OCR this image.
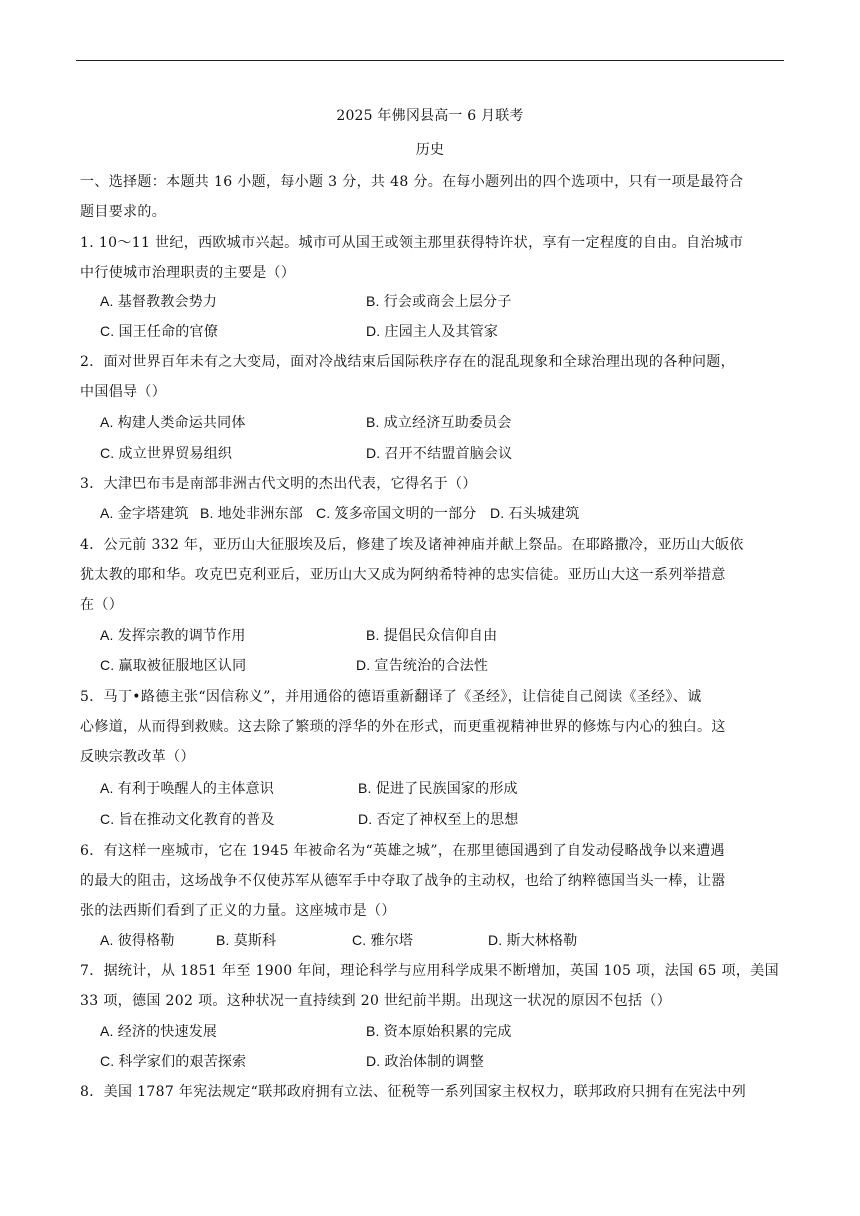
2025 年佛冈县高一 6 月联考
历史
一、选择题：本题共 16 小题，每小题 3 分，共 48 分。在每小题列出的四个选项中，只有一项是最符合
题目要求的。
1. 10～11 世纪，西欧城市兴起。城市可从国王或领主那里获得特许状，享有一定程度的自由。自治城市
中行使城市治理职责的主要是（）
A. 基督教教会势力	B. 行会或商会上层分子
C. 国王任命的官僚	D. 庄园主人及其管家
2．面对世界百年未有之大变局，面对冷战结束后国际秩序存在的混乱现象和全球治理出现的各种问题，
中国倡导（）
A. 构建人类命运共同体	B. 成立经济互助委员会
C. 成立世界贸易组织	D. 召开不结盟首脑会议
3．大津巴布韦是南部非洲古代文明的杰出代表，它得名于（）
A. 金字塔建筑 B. 地处非洲东部 C. 笈多帝国文明的一部分 D. 石头城建筑
4．公元前 332 年，亚历山大征服埃及后，修建了埃及诸神神庙并献上祭品。在耶路撒冷，亚历山大皈依
犹太教的耶和华。攻克巴克利亚后，亚历山大又成为阿纳希特神的忠实信徒。亚历山大这一系列举措意
在（）
A. 发挥宗教的调节作用	B. 提倡民众信仰自由
C. 赢取被征服地区认同	D. 宣告统治的合法性
5．马丁•路德主张“因信称义”，并用通俗的德语重新翻译了《圣经》，让信徒自己阅读《圣经》、诚
心修道，从而得到救赎。这去除了繁琐的浮华的外在形式，而更重视精神世界的修炼与内心的独白。这
反映宗教改革（）
A. 有利于唤醒人的主体意识	B. 促进了民族国家的形成
C. 旨在推动文化教育的普及	D. 否定了神权至上的思想
6．有这样一座城市，它在 1945 年被命名为“英雄之城”，在那里德国遇到了自发动侵略战争以来遭遇
的最大的阻击，这场战争不仅使苏军从德军手中夺取了战争的主动权，也给了纳粹德国当头一棒，让嚣
张的法西斯们看到了正义的力量。这座城市是（）
A. 彼得格勒	B. 莫斯科	C. 雅尔塔	D. 斯大林格勒
7．据统计，从 1851 年至 1900 年间，理论科学与应用科学成果不断增加，英国 105 项，法国 65 项，美国
33 项，德国 202 项。这种状况一直持续到 20 世纪前半期。出现这一状况的原因不包括（）
A. 经济的快速发展	B. 资本原始积累的完成
C. 科学家们的艰苦探索	D. 政治体制的调整
8．美国 1787 年宪法规定“联邦政府拥有立法、征税等一系列国家主权权力，联邦政府只拥有在宪法中列
